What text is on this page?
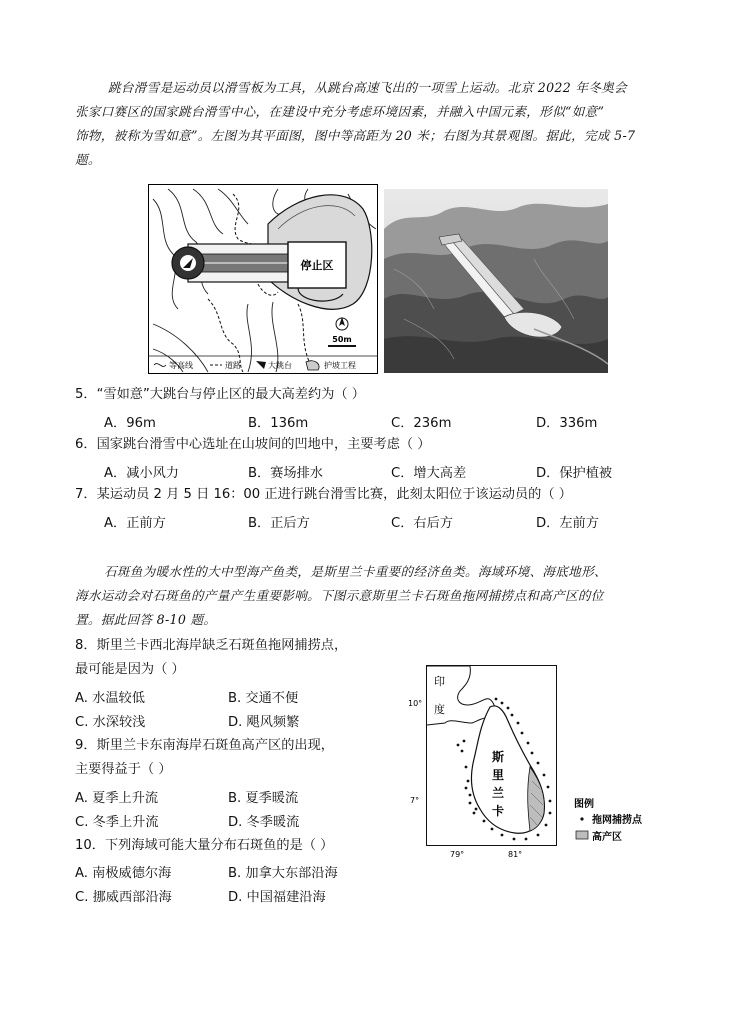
跳台滑雪是运动员以滑雪板为工具，从跳台高速飞出的一项雪上运动。北京 2022 年冬奥会
张家口赛区的国家跳台滑雪中心，在建设中充分考虑环境因素，并融入中国元素，形似“如意”
饰物，被称为雪如意”。左图为其平面图，图中等高距为 20 米；右图为其景观图。据此，完成 5-7
题。
停止区
50m
等高线	道路	大跳台	护坡工程
5．“雪如意”大跳台与停止区的最大高差约为（ ）
A．96m	B．136m	C．236m	D．336m
6．国家跳台滑雪中心选址在山坡间的凹地中，主要考虑（ ）
A．减小风力	B．赛场排水	C．增大高差	D．保护植被
7．某运动员 2 月 5 日 16：00 正进行跳台滑雪比赛，此刻太阳位于该运动员的（ ）
A．正前方	B．正后方	C．右后方	D．左前方
石斑鱼为暖水性的大中型海产鱼类，是斯里兰卡重要的经济鱼类。海域环境、海底地形、
海水运动会对石斑鱼的产量产生重要影响。下图示意斯里兰卡石斑鱼拖网捕捞点和高产区的位
置。据此回答 8-10 题。
8．斯里兰卡西北海岸缺乏石斑鱼拖网捕捞点，
最可能是因为（ ）
A. 水温较低	B. 交通不便
C. 水深较浅	D. 飓风频繁
9．斯里兰卡东南海岸石斑鱼高产区的出现，
主要得益于（ ）
A. 夏季上升流	B. 夏季暖流
C. 冬季上升流	D. 冬季暖流
10．下列海域可能大量分布石斑鱼的是（ ）
A. 南极威德尔海	B. 加拿大东部沿海
C. 挪威西部沿海	D. 中国福建沿海
印
度
斯
里
兰
卡
10°
7°
79°	81°
图例
拖网捕捞点
高产区
